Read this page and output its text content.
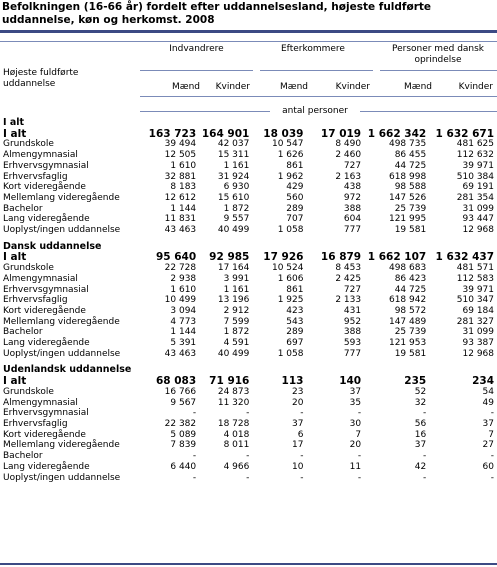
Befolkningen (16-66 år) fordelt efter uddannelsesland, højeste fuldførte uddannelse, køn og herkomst. 2008
Indvandrere	Efterkommere	Personer med dansk oprindelse
Højeste fuldførte uddannelse	Mænd	Kvinder	Mænd	Kvinder	Mænd	Kvinder
antal personer
I alt						
I alt	163 723	164 901	18 039	17 019	1 662 342	1 632 671
Grundskole	39 494	42 037	10 547	8 490	498 735	481 625
Almengymnasial	12 505	15 311	1 626	2 460	86 455	112 632
Erhvervsgymnasial	1 610	1 161	861	727	44 725	39 971
Erhvervsfaglig	32 881	31 924	1 962	2 163	618 998	510 384
Kort videregående	8 183	6 930	429	438	98 588	69 191
Mellemlang videregående	12 612	15 610	560	972	147 526	281 354
Bachelor	1 144	1 872	289	388	25 739	31 099
Lang videregående	11 831	9 557	707	604	121 995	93 447
Uoplyst/ingen uddannelse	43 463	40 499	1 058	777	19 581	12 968

Dansk uddannelse						
I alt	95 640	92 985	17 926	16 879	1 662 107	1 632 437
Grundskole	22 728	17 164	10 524	8 453	498 683	481 571
Almengymnasial	2 938	3 991	1 606	2 425	86 423	112 583
Erhvervsgymnasial	1 610	1 161	861	727	44 725	39 971
Erhvervsfaglig	10 499	13 196	1 925	2 133	618 942	510 347
Kort videregående	3 094	2 912	423	431	98 572	69 184
Mellemlang videregående	4 773	7 599	543	952	147 489	281 327
Bachelor	1 144	1 872	289	388	25 739	31 099
Lang videregående	5 391	4 591	697	593	121 953	93 387
Uoplyst/ingen uddannelse	43 463	40 499	1 058	777	19 581	12 968

Udenlandsk uddannelse						
I alt	68 083	71 916	113	140	235	234
Grundskole	16 766	24 873	23	37	52	54
Almengymnasial	9 567	11 320	20	35	32	49
Erhvervsgymnasial	-	-	-	-	-	-
Erhvervsfaglig	22 382	18 728	37	30	56	37
Kort videregående	5 089	4 018	6	7	16	7
Mellemlang videregående	7 839	8 011	17	20	37	27
Bachelor	-	-	-	-	-	-
Lang videregående	6 440	4 966	10	11	42	60
Uoplyst/ingen uddannelse	-	-	-	-	-	-
